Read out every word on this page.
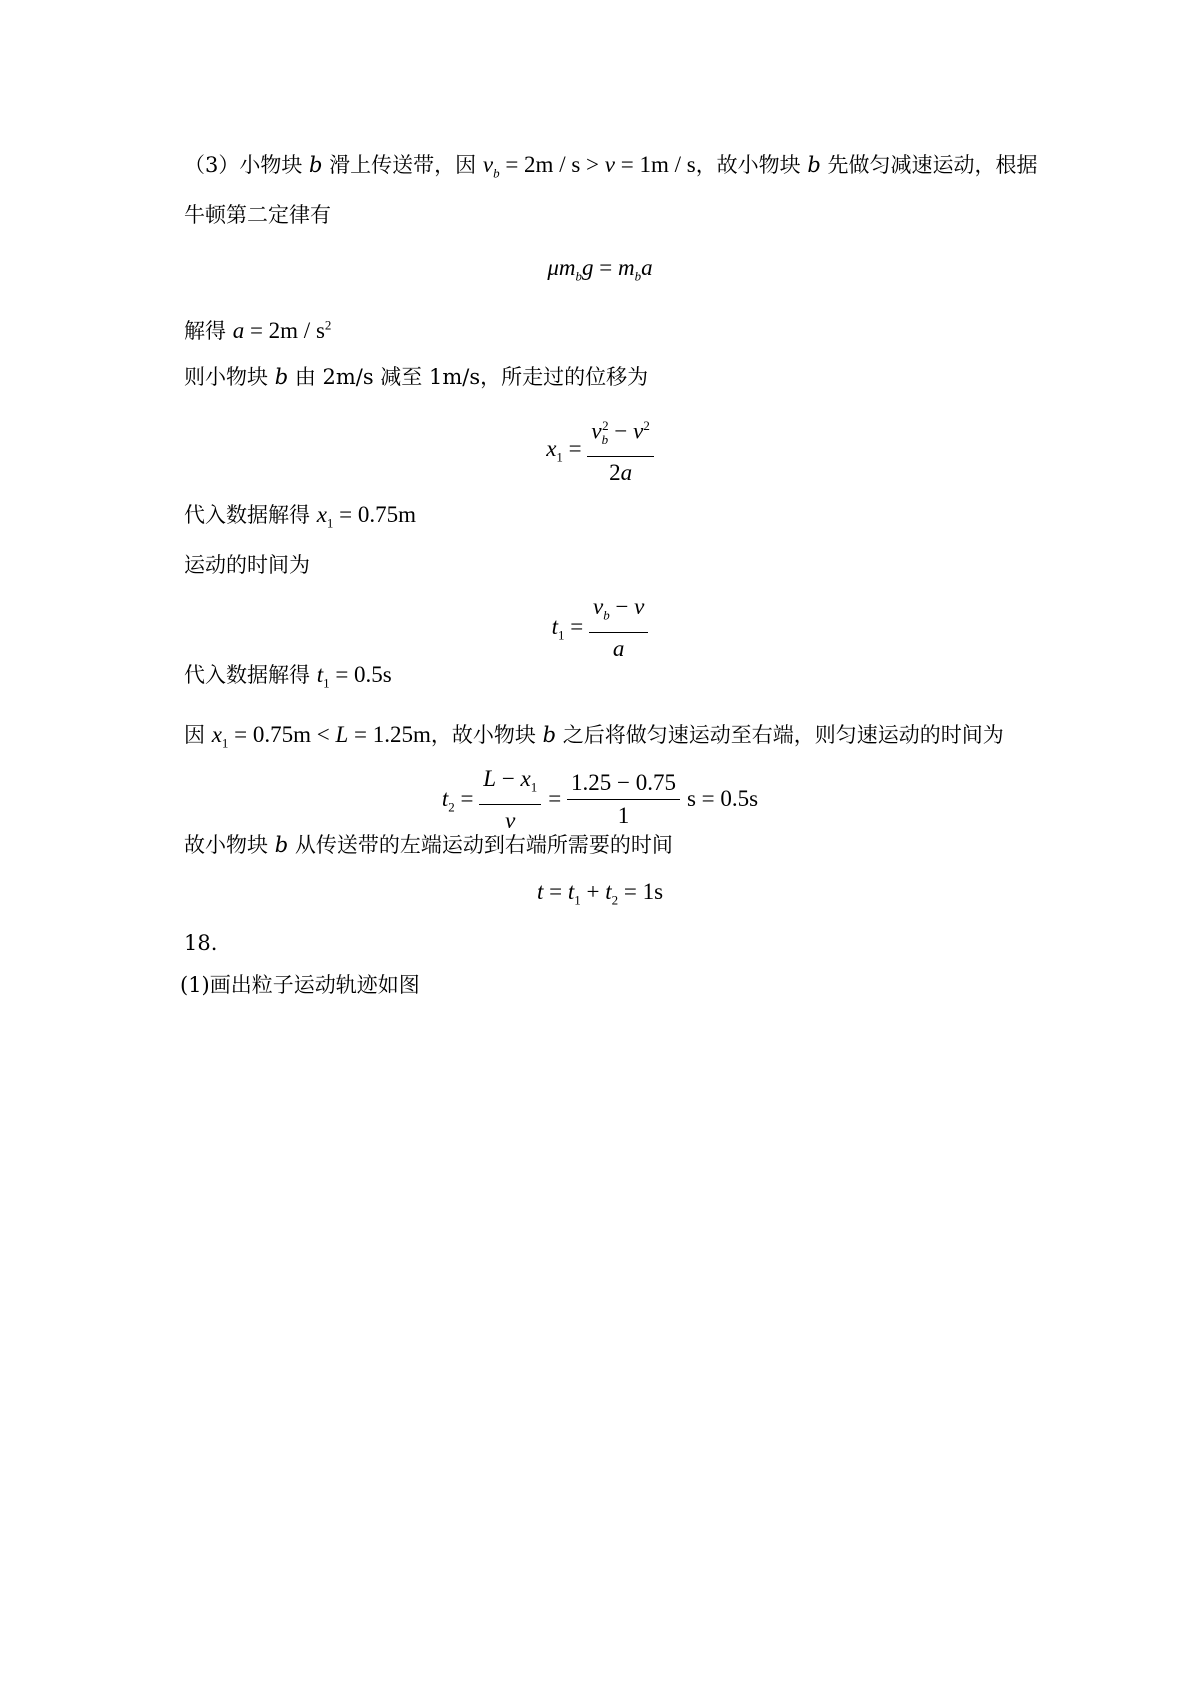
（3）小物块 b 滑上传送带，因 $v_b = 2m / s > v = 1m / s$，故小物块 b 先做匀减速运动，根据
牛顿第二定律有
$\mu m_bg = m_ba$
解得 $a = 2m / s^2$
则小物块 b 由 2m/s 减至 1m/s，所走过的位移为
$x_1 = \frac{v_b^2 - v^2}{2a}$
代入数据解得 $x_1 = 0.75m$
运动的时间为
$t_1 = \frac{v_b - v}{a}$
代入数据解得 $t_1 = 0.5s$
因 $x_1 = 0.75m < L = 1.25m$，故小物块 b 之后将做匀速运动至右端，则匀速运动的时间为
$t_2 = \frac{L - x_1}{v} = \frac{1.25 - 0.75}{1}$ s = 0.5s
故小物块 b 从传送带的左端运动到右端所需要的时间
$t = t_1 + t_2 = 1s$
18.
(1)画出粒子运动轨迹如图
